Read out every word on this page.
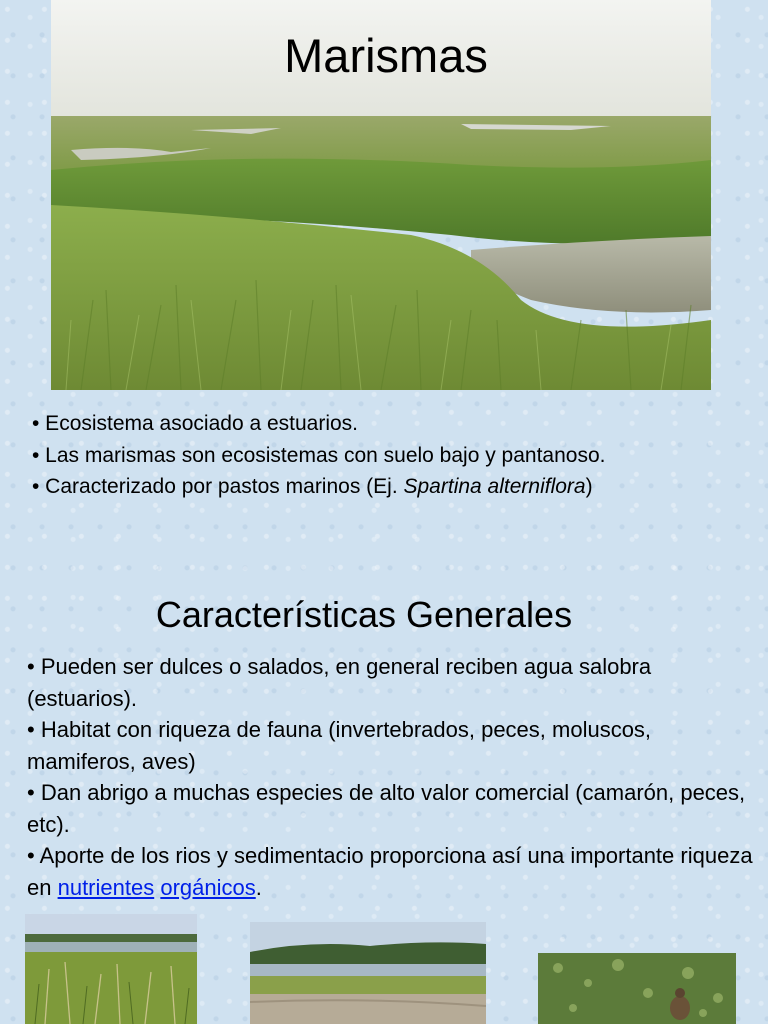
Marismas
• Ecosistema asociado a estuarios.
• Las marismas son ecosistemas con suelo bajo y pantanoso.
• Caracterizado por pastos marinos (Ej. Spartina alterniflora)
Características Generales
• Pueden ser dulces o salados, en general reciben agua salobra (estuarios).
• Habitat con riqueza de fauna (invertebrados, peces, moluscos, mamiferos, aves)
• Dan abrigo a muchas especies de alto valor comercial (camarón, peces, etc).
• Aporte de los rios y sedimentacio proporciona así una importante riqueza en nutrientes orgánicos.
